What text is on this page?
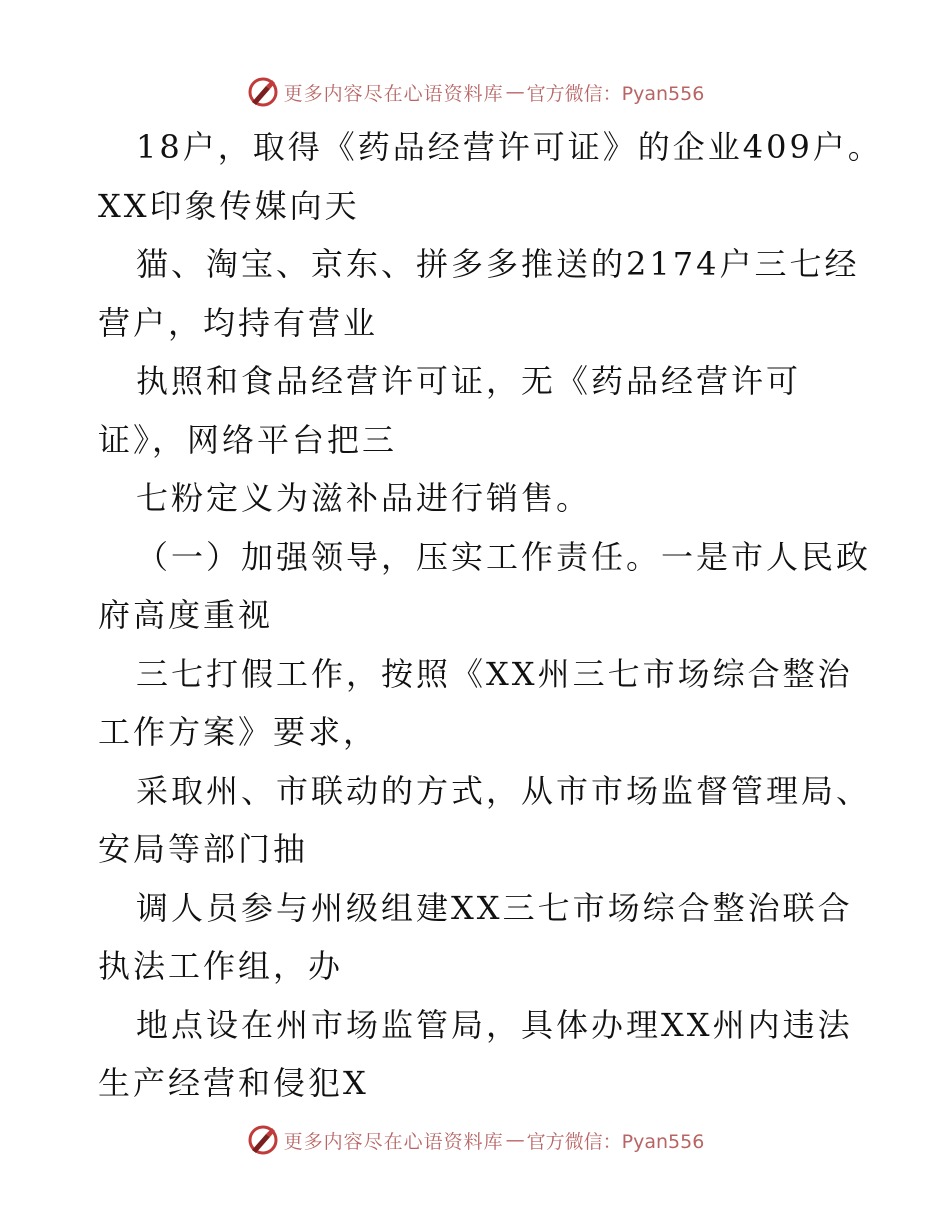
更多内容尽在心语资料库 — 官方微信：Pyan556
18户，取得《药品经营许可证》的企业409户。
XX印象传媒向天
猫、淘宝、京东、拼多多推送的2174户三七经
营户，均持有营业
执照和食品经营许可证，无《药品经营许可
证》，网络平台把三
七粉定义为滋补品进行销售。
（一）加强领导，压实工作责任。一是市人民政
府高度重视
三七打假工作，按照《XX州三七市场综合整治
工作方案》要求，
采取州、市联动的方式，从市市场监督管理局、
安局等部门抽
调人员参与州级组建XX三七市场综合整治联合
执法工作组，办
地点设在州市场监管局，具体办理XX州内违法
生产经营和侵犯X
更多内容尽在心语资料库 — 官方微信：Pyan556
